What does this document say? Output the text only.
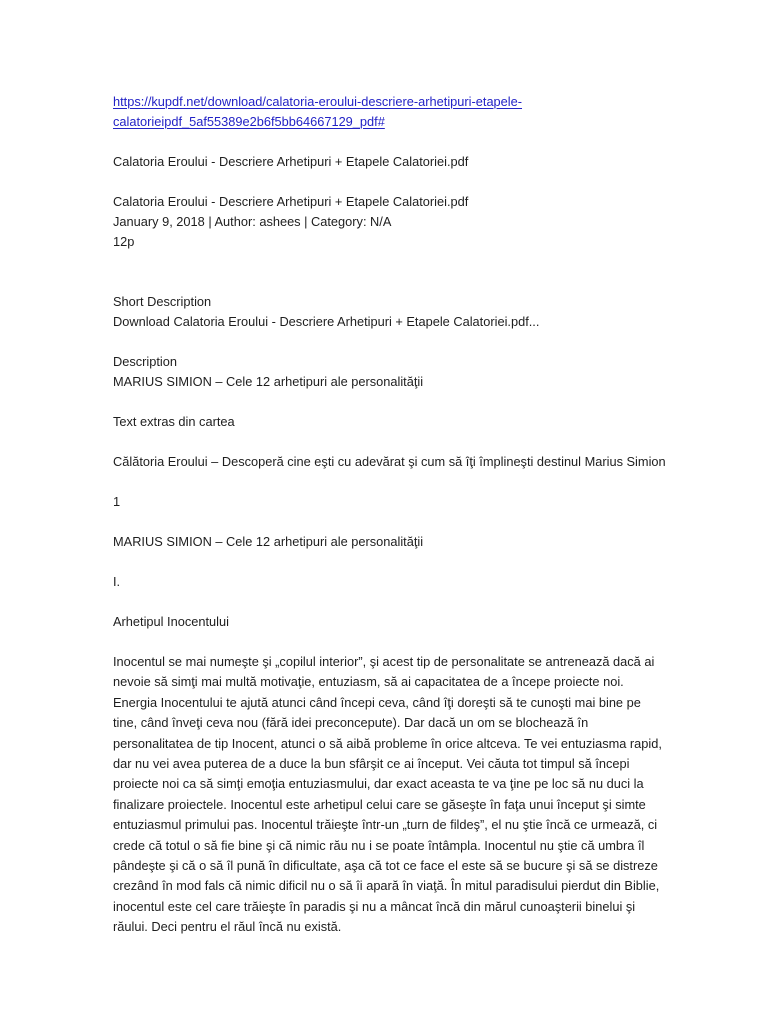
https://kupdf.net/download/calatoria-eroului-descriere-arhetipuri-etapele-
calatorieipdf_5af55389e2b6f5bb64667129_pdf#
Calatoria Eroului - Descriere Arhetipuri + Etapele Calatoriei.pdf
Calatoria Eroului - Descriere Arhetipuri + Etapele Calatoriei.pdf
January 9, 2018 | Author: ashees | Category: N/A
12p
Short Description
Download Calatoria Eroului - Descriere Arhetipuri + Etapele Calatoriei.pdf...
Description
MARIUS SIMION – Cele 12 arhetipuri ale personalităţii
Text extras din cartea
Călătoria Eroului – Descoperă cine eşti cu adevărat şi cum să îţi împlineşti destinul Marius Simion
1
MARIUS SIMION – Cele 12 arhetipuri ale personalităţii
I.
Arhetipul Inocentului
Inocentul se mai numeşte şi „copilul interior”, şi acest tip de personalitate se antrenează dacă ai
nevoie să simţi mai multă motivaţie, entuziasm, să ai capacitatea de a începe proiecte noi.
Energia Inocentului te ajută atunci când începi ceva, când îţi doreşti să te cunoşti mai bine pe
tine, când înveţi ceva nou (fără idei preconcepute). Dar dacă un om se blochează în
personalitatea de tip Inocent, atunci o să aibă probleme în orice altceva. Te vei entuziasma rapid,
dar nu vei avea puterea de a duce la bun sfârşit ce ai început. Vei căuta tot timpul să începi
proiecte noi ca să simţi emoţia entuziasmului, dar exact aceasta te va ţine pe loc să nu duci la
finalizare proiectele. Inocentul este arhetipul celui care se găseşte în faţa unui început şi simte
entuziasmul primului pas. Inocentul trăieşte într-un „turn de fildeş”, el nu ştie încă ce urmează, ci
crede că totul o să fie bine şi că nimic rău nu i se poate întâmpla. Inocentul nu ştie că umbra îl
pândeşte şi că o să îl pună în dificultate, aşa că tot ce face el este să se bucure şi să se distreze
crezând în mod fals că nimic dificil nu o să îi apară în viaţă. În mitul paradisului pierdut din Biblie,
inocentul este cel care trăieşte în paradis şi nu a mâncat încă din mărul cunoaşterii binelui şi
răului. Deci pentru el răul încă nu există.
